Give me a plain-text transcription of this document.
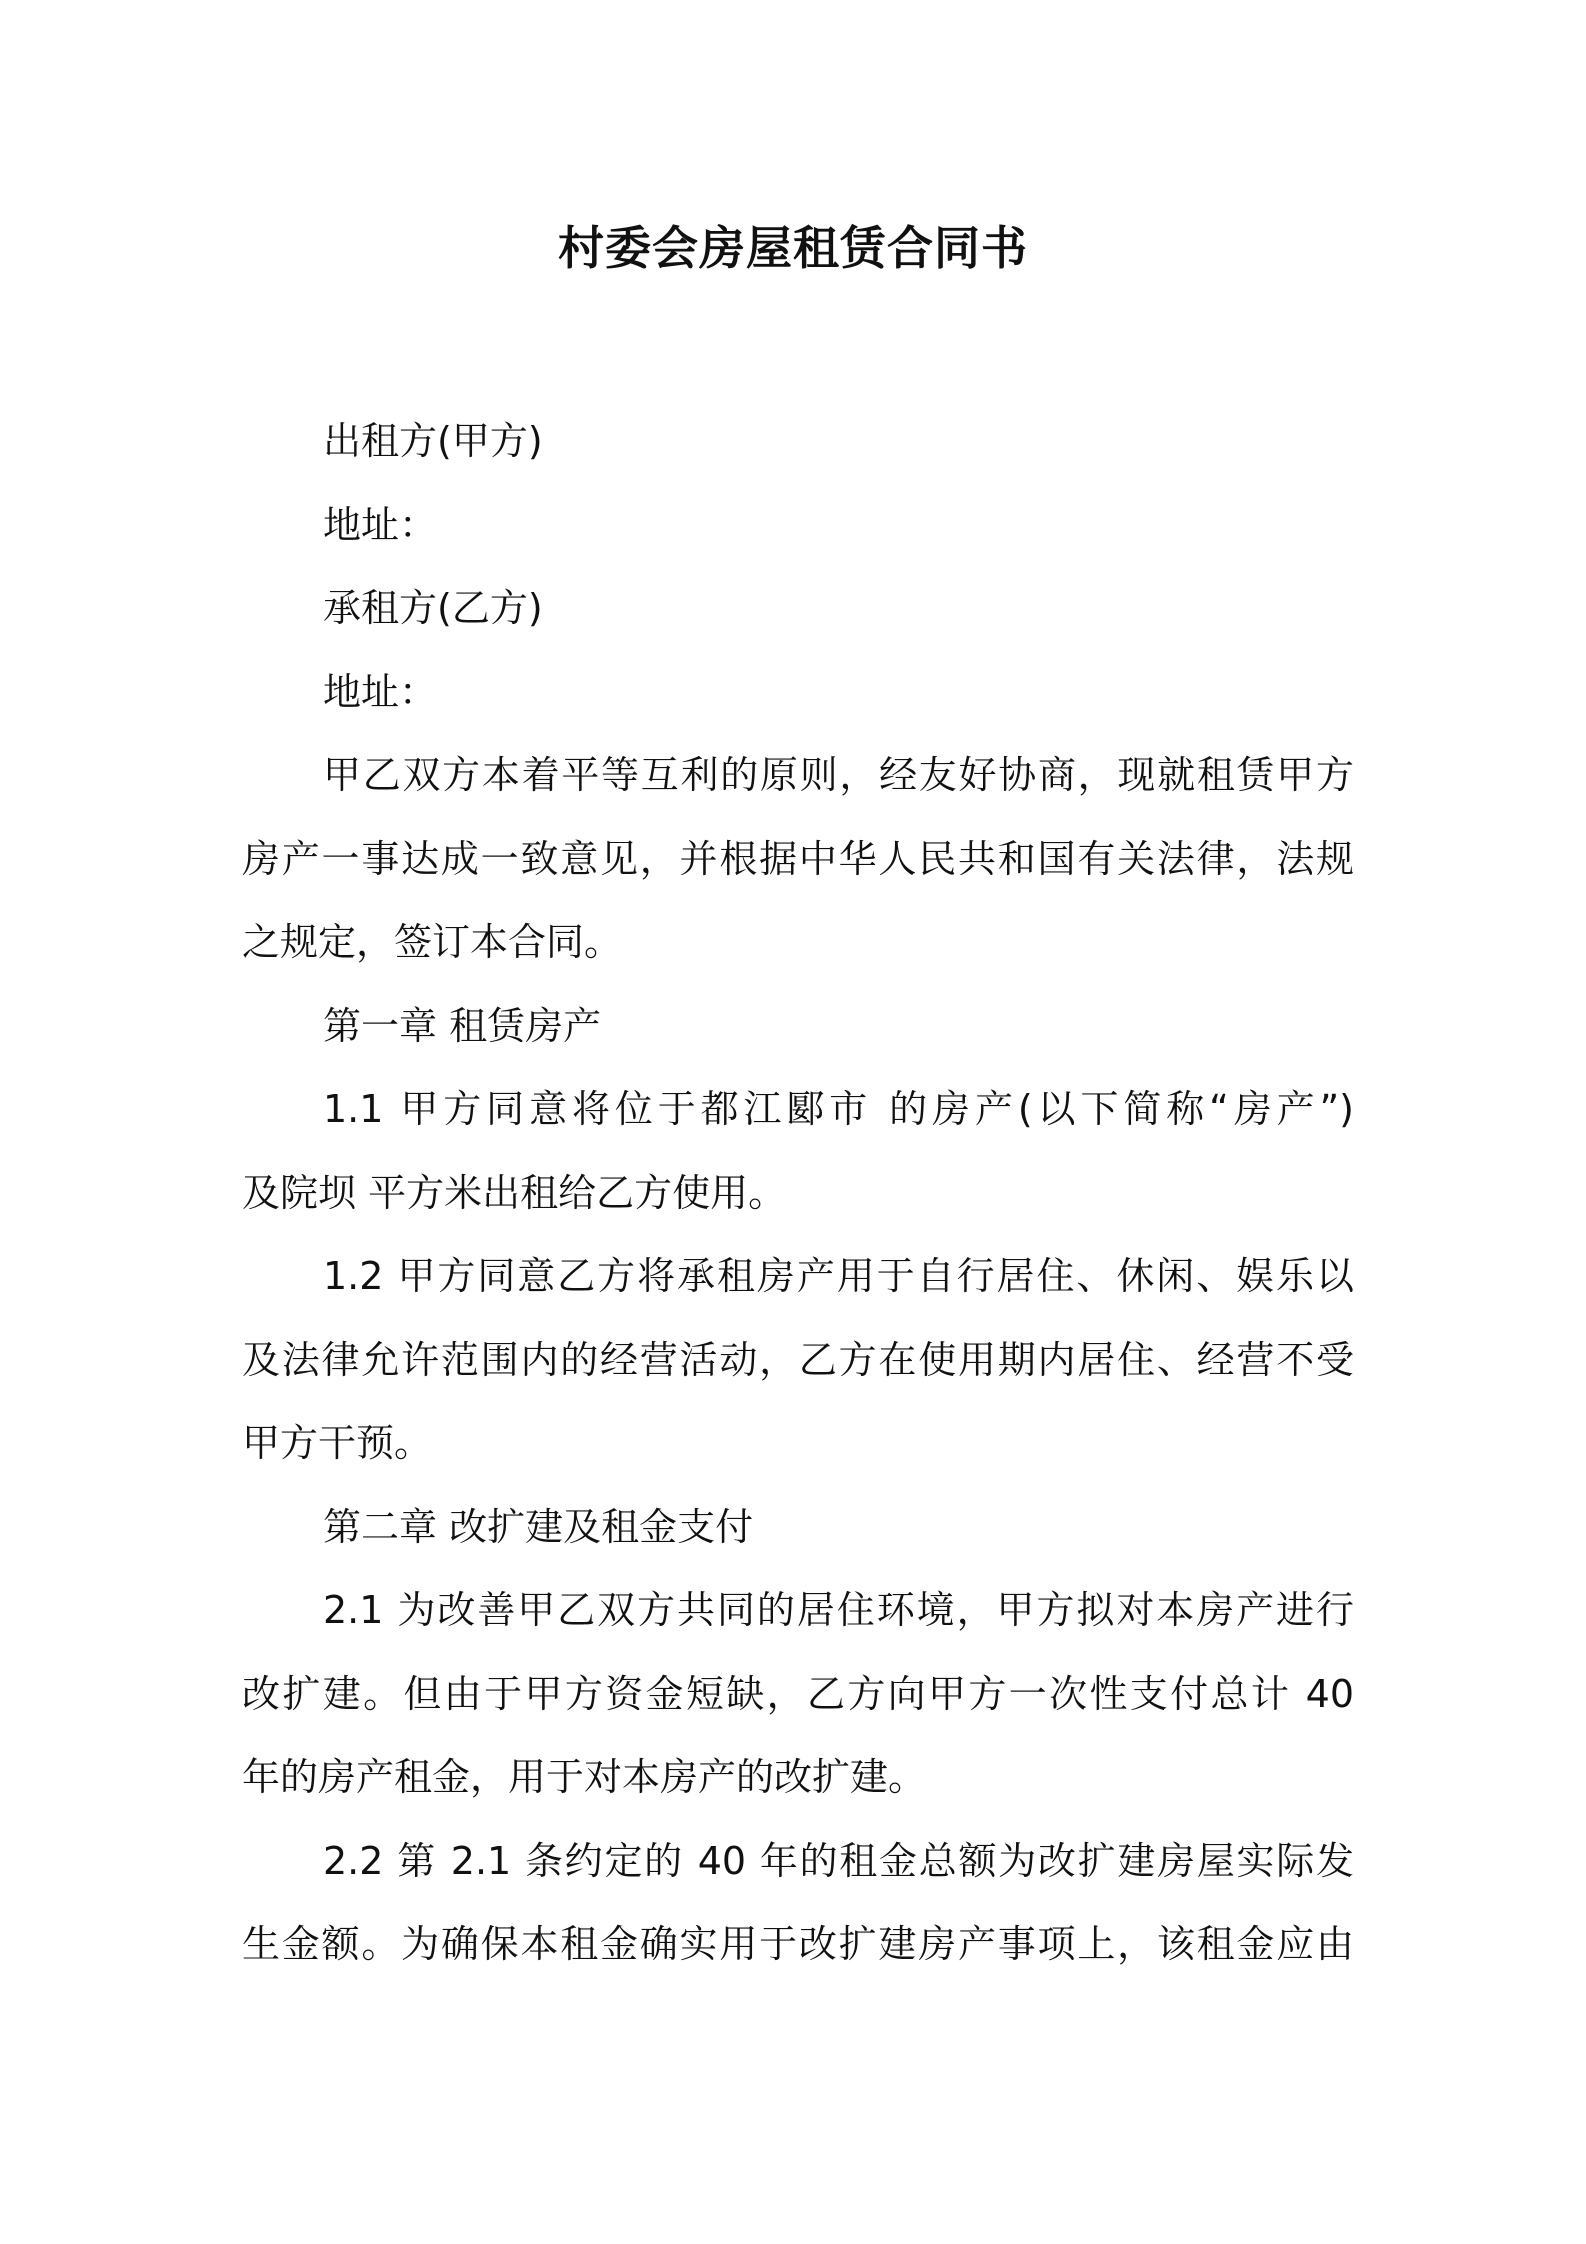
村委会房屋租赁合同书
出租方(甲方)
地址：
承租方(乙方)
地址：
甲乙双方本着平等互利的原则，经友好协商，现就租赁甲方
房产一事达成一致意见，并根据中华人民共和国有关法律，法规
之规定，签订本合同。
第一章 租赁房产
1.1 甲方同意将位于都江郾市 的房产(以下简称“房产”)
及院坝 平方米出租给乙方使用。
1.2 甲方同意乙方将承租房产用于自行居住、休闲、娱乐以
及法律允许范围内的经营活动，乙方在使用期内居住、经营不受
甲方干预。
第二章 改扩建及租金支付
2.1 为改善甲乙双方共同的居住环境，甲方拟对本房产进行
改扩建。但由于甲方资金短缺，乙方向甲方一次性支付总计 40
年的房产租金，用于对本房产的改扩建。
2.2 第 2.1 条约定的 40 年的租金总额为改扩建房屋实际发
生金额。为确保本租金确实用于改扩建房产事项上，该租金应由
